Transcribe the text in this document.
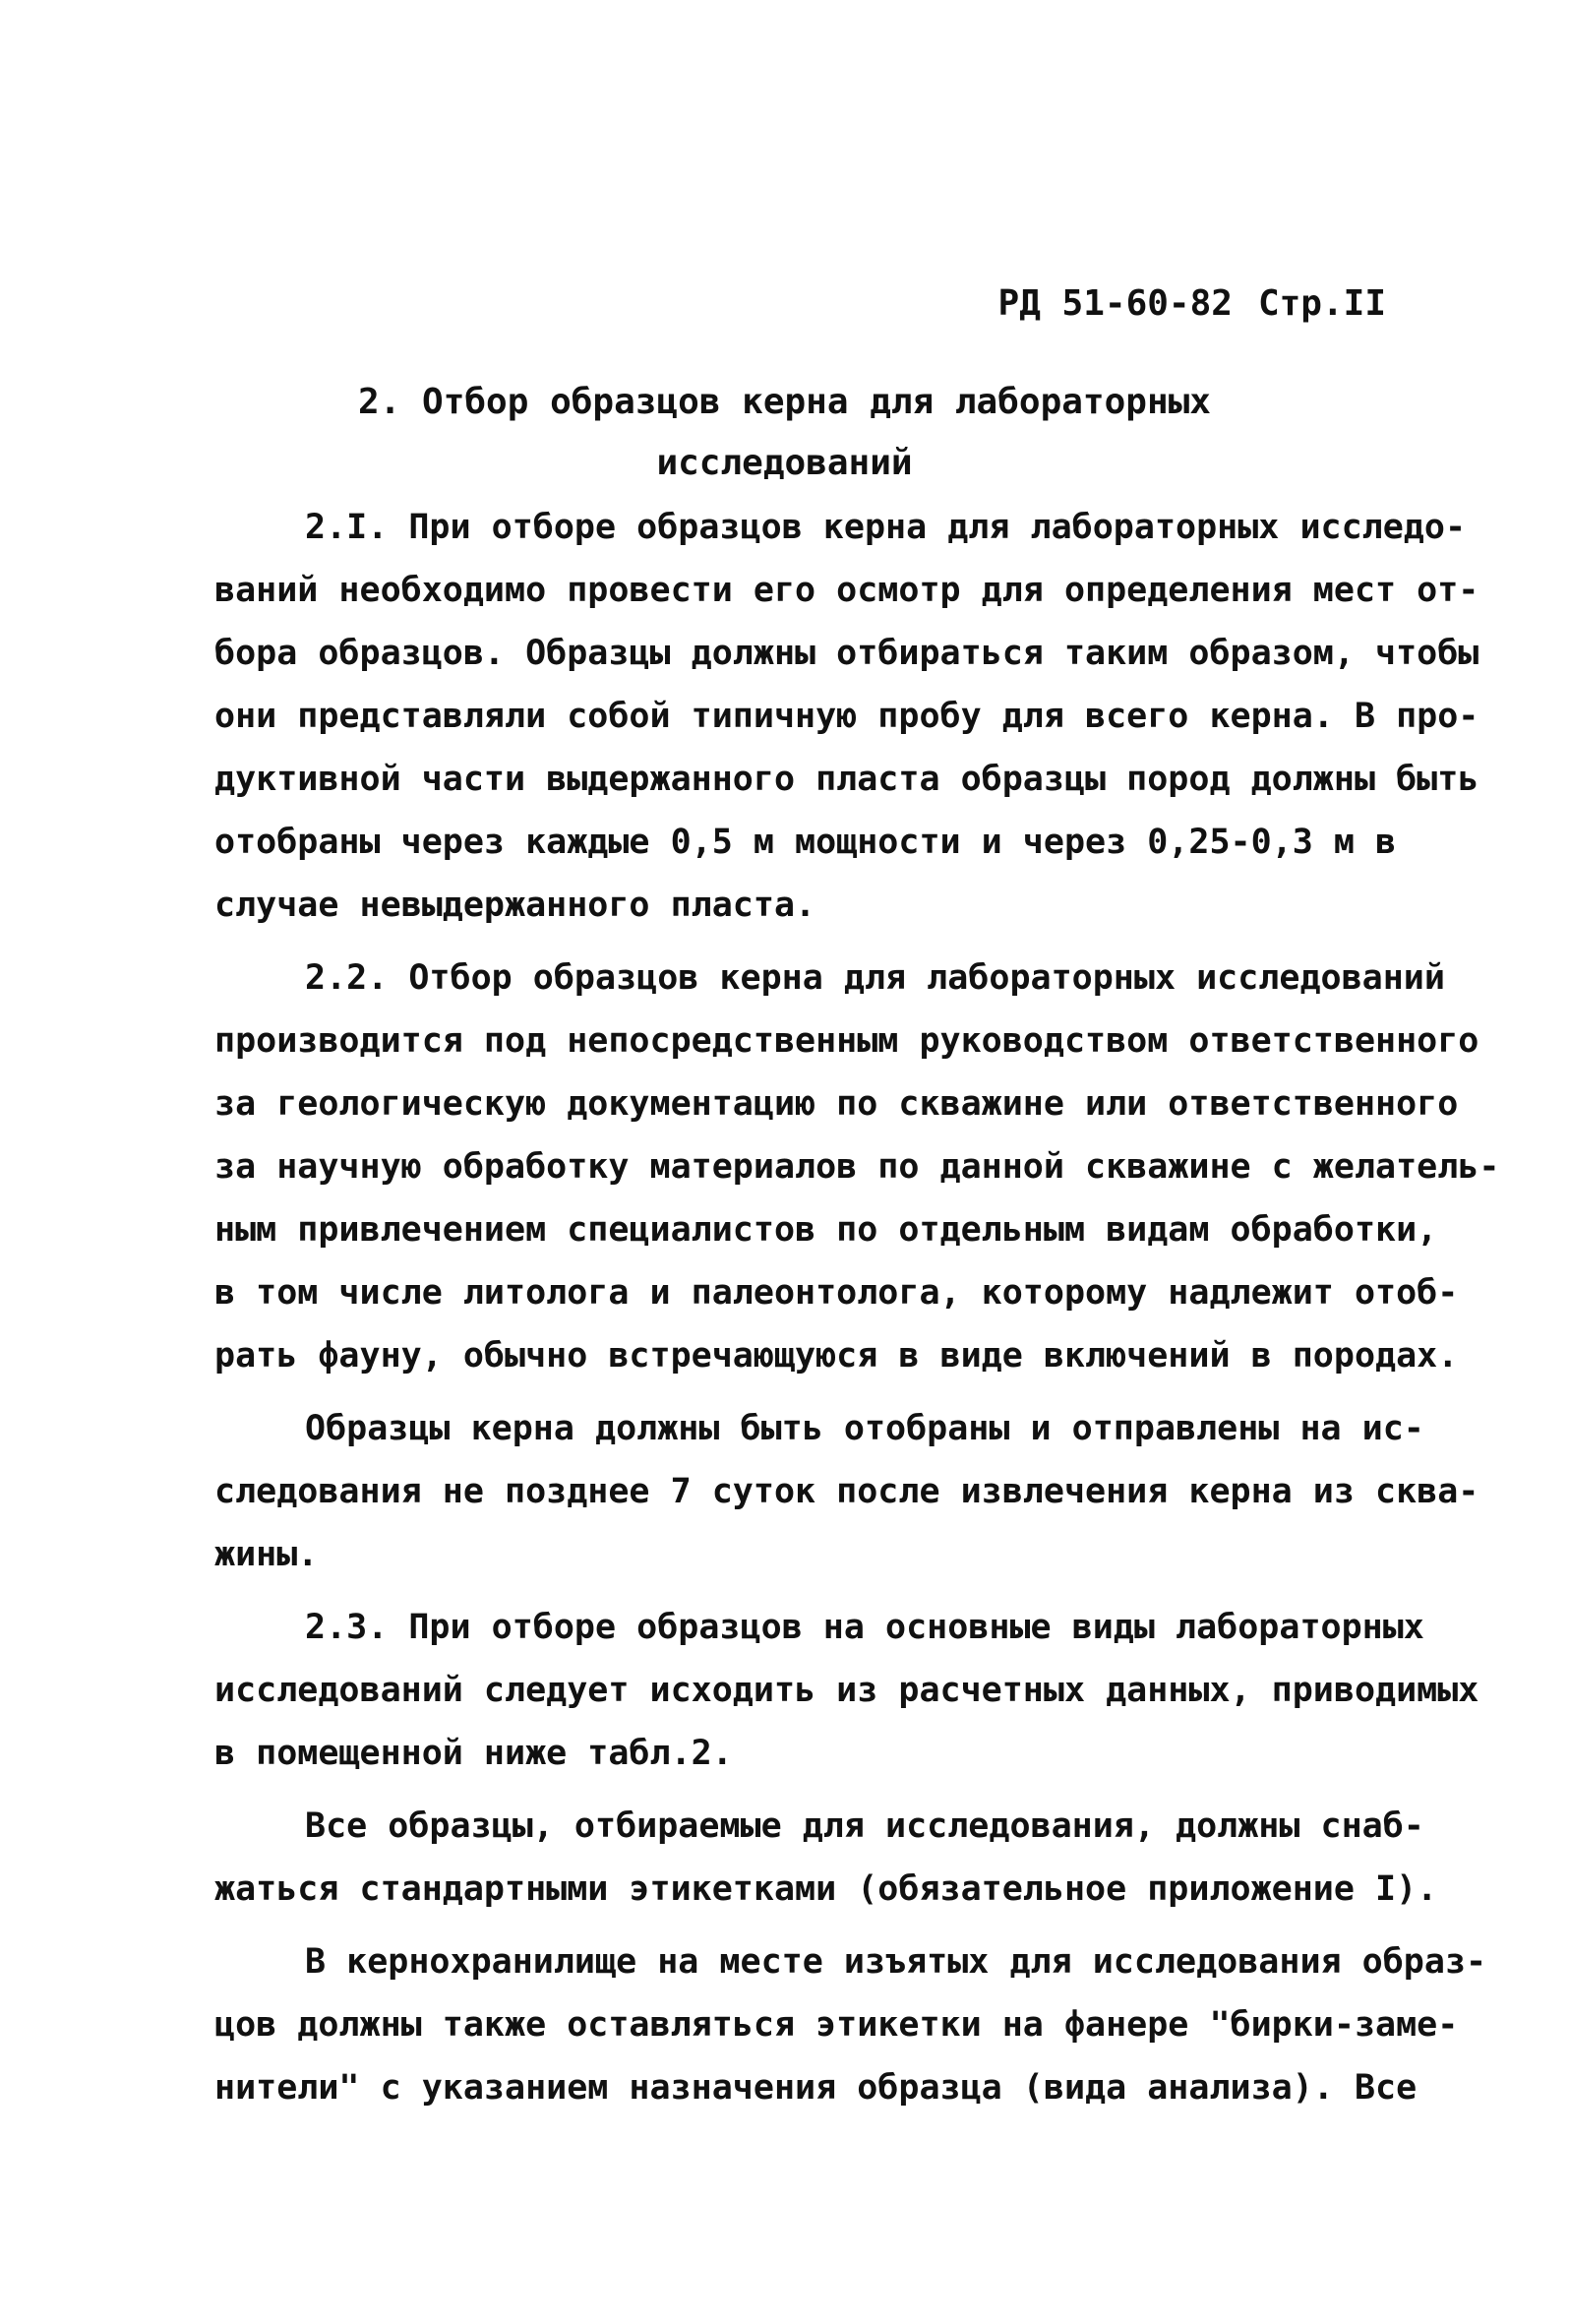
РД 51-60-82 Стр.II
2. Отбор образцов керна для лабораторных
исследований
2.I. При отборе образцов керна для лабораторных исследо-
ваний необходимо провести его осмотр для определения мест от-
бора образцов. Образцы должны отбираться таким образом, чтобы
они представляли собой типичную пробу для всего керна. В про-
дуктивной части выдержанного пласта образцы пород должны быть
отобраны через каждые 0,5 м мощности и через 0,25-0,3 м в
случае невыдержанного пласта.
2.2. Отбор образцов керна для лабораторных исследований
производится под непосредственным руководством ответственного
за геологическую документацию по скважине или ответственного
за научную обработку материалов по данной скважине с желатель-
ным привлечением специалистов по отдельным видам обработки,
в том числе литолога и палеонтолога, которому надлежит отоб-
рать фауну, обычно встречающуюся в виде включений в породах.
Образцы керна должны быть отобраны и отправлены на ис-
следования не позднее 7 суток после извлечения керна из сква-
жины.
2.3. При отборе образцов на основные виды лабораторных
исследований следует исходить из расчетных данных, приводимых
в помещенной ниже табл.2.
Все образцы, отбираемые для исследования, должны снаб-
жаться стандартными этикетками (обязательное приложение I).
В кернохранилище на месте изъятых для исследования образ-
цов должны также оставляться этикетки на фанере "бирки-заме-
нители" с указанием назначения образца (вида анализа). Все
